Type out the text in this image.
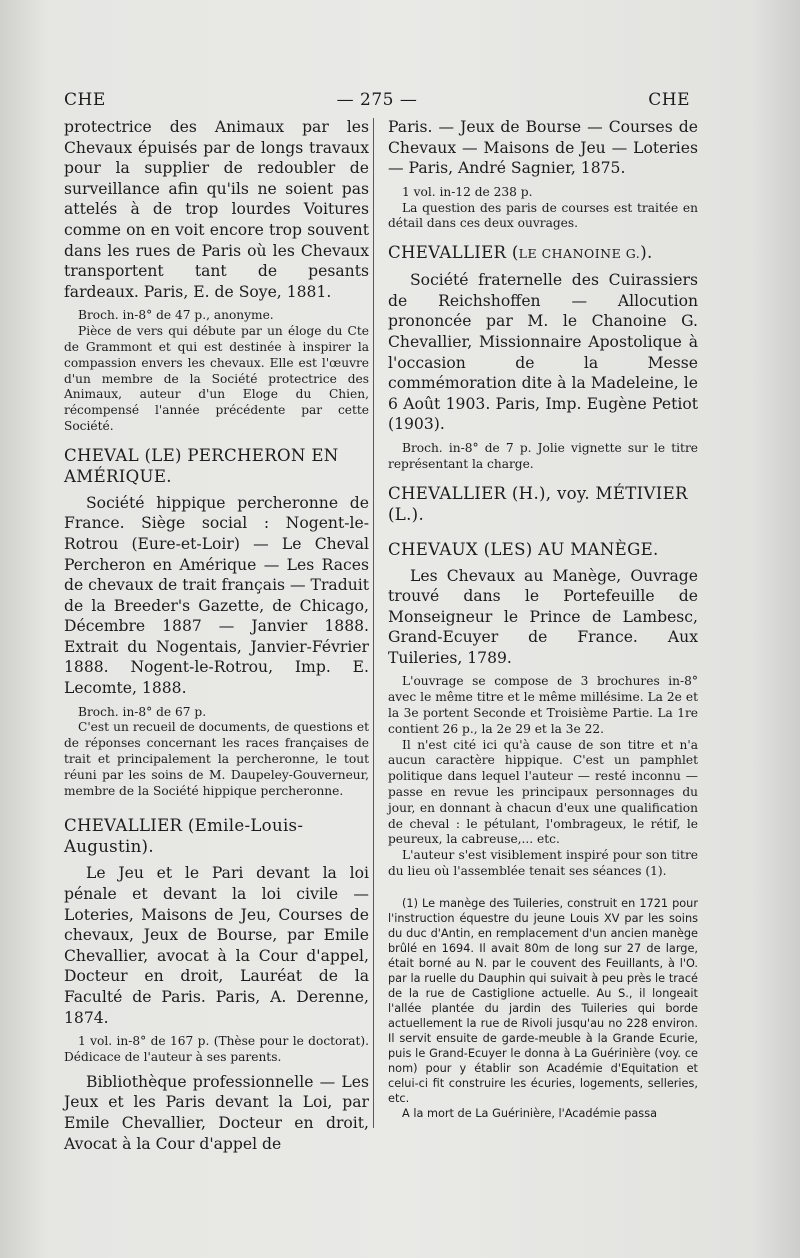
CHE	— 275 —	CHE

protectrice des Animaux par les Chevaux épuisés par de longs travaux pour la supplier de redoubler de surveillance afin qu'ils ne soient pas attelés à de trop lourdes Voitures comme on en voit encore trop souvent dans les rues de Paris où les Chevaux transportent tant de pesants fardeaux. Paris, E. de Soye, 1881.

Broch. in-8° de 47 p., anonyme.

Pièce de vers qui débute par un éloge du Cte de Grammont et qui est destinée à inspirer la compassion envers les chevaux. Elle est l'œuvre d'un membre de la Société protectrice des Animaux, auteur d'un Eloge du Chien, récompensé l'année précédente par cette Société.

CHEVAL (LE) PERCHERON EN AMÉRIQUE.

Société hippique percheronne de France. Siège social : Nogent-le-Rotrou (Eure-et-Loir) — Le Cheval Percheron en Amérique — Les Races de chevaux de trait français — Traduit de la Breeder's Gazette, de Chicago, Décembre 1887 — Janvier 1888. Extrait du Nogentais, Janvier-Février 1888. Nogent-le-Rotrou, Imp. E. Lecomte, 1888.

Broch. in-8° de 67 p.

C'est un recueil de documents, de questions et de réponses concernant les races françaises de trait et principalement la percheronne, le tout réuni par les soins de M. Daupeley-Gouverneur, membre de la Société hippique percheronne.

CHEVALLIER (Emile-Louis-Augustin).

Le Jeu et le Pari devant la loi pénale et devant la loi civile — Loteries, Maisons de Jeu, Courses de chevaux, Jeux de Bourse, par Emile Chevallier, avocat à la Cour d'appel, Docteur en droit, Lauréat de la Faculté de Paris. Paris, A. Derenne, 1874.

1 vol. in-8° de 167 p. (Thèse pour le doctorat). Dédicace de l'auteur à ses parents.

Bibliothèque professionnelle — Les Jeux et les Paris devant la Loi, par Emile Chevallier, Docteur en droit, Avocat à la Cour d'appel de

Paris. — Jeux de Bourse — Courses de Chevaux — Maisons de Jeu — Loteries — Paris, André Sagnier, 1875.

1 vol. in-12 de 238 p.

La question des paris de courses est traitée en détail dans ces deux ouvrages.

CHEVALLIER (LE CHANOINE G.).

Société fraternelle des Cuirassiers de Reichshoffen — Allocution prononcée par M. le Chanoine G. Chevallier, Missionnaire Apostolique à l'occasion de la Messe commémoration dite à la Madeleine, le 6 Août 1903. Paris, Imp. Eugène Petiot (1903).

Broch. in-8° de 7 p. Jolie vignette sur le titre représentant la charge.

CHEVALLIER (H.), voy. MÉTIVIER (L.).

CHEVAUX (LES) AU MANÈGE.

Les Chevaux au Manège, Ouvrage trouvé dans le Portefeuille de Monseigneur le Prince de Lambesc, Grand-Ecuyer de France. Aux Tuileries, 1789.

L'ouvrage se compose de 3 brochures in-8° avec le même titre et le même millésime. La 2e et la 3e portent Seconde et Troisième Partie. La 1re contient 26 p., la 2e 29 et la 3e 22.

Il n'est cité ici qu'à cause de son titre et n'a aucun caractère hippique. C'est un pamphlet politique dans lequel l'auteur — resté inconnu — passe en revue les principaux personnages du jour, en donnant à chacun d'eux une qualification de cheval : le pétulant, l'ombrageux, le rétif, le peureux, la cabreuse,... etc.

L'auteur s'est visiblement inspiré pour son titre du lieu où l'assemblée tenait ses séances (1).

(1) Le manège des Tuileries, construit en 1721 pour l'instruction équestre du jeune Louis XV par les soins du duc d'Antin, en remplacement d'un ancien manège brûlé en 1694. Il avait 80m de long sur 27 de large, était borné au N. par le couvent des Feuillants, à l'O. par la ruelle du Dauphin qui suivait à peu près le tracé de la rue de Castiglione actuelle. Au S., il longeait l'allée plantée du jardin des Tuileries qui borde actuellement la rue de Rivoli jusqu'au no 228 environ. Il servit ensuite de garde-meuble à la Grande Ecurie, puis le Grand-Ecuyer le donna à La Guérinière (voy. ce nom) pour y établir son Académie d'Equitation et celui-ci fit construire les écuries, logements, selleries, etc.

A la mort de La Guérinière, l'Académie passa
